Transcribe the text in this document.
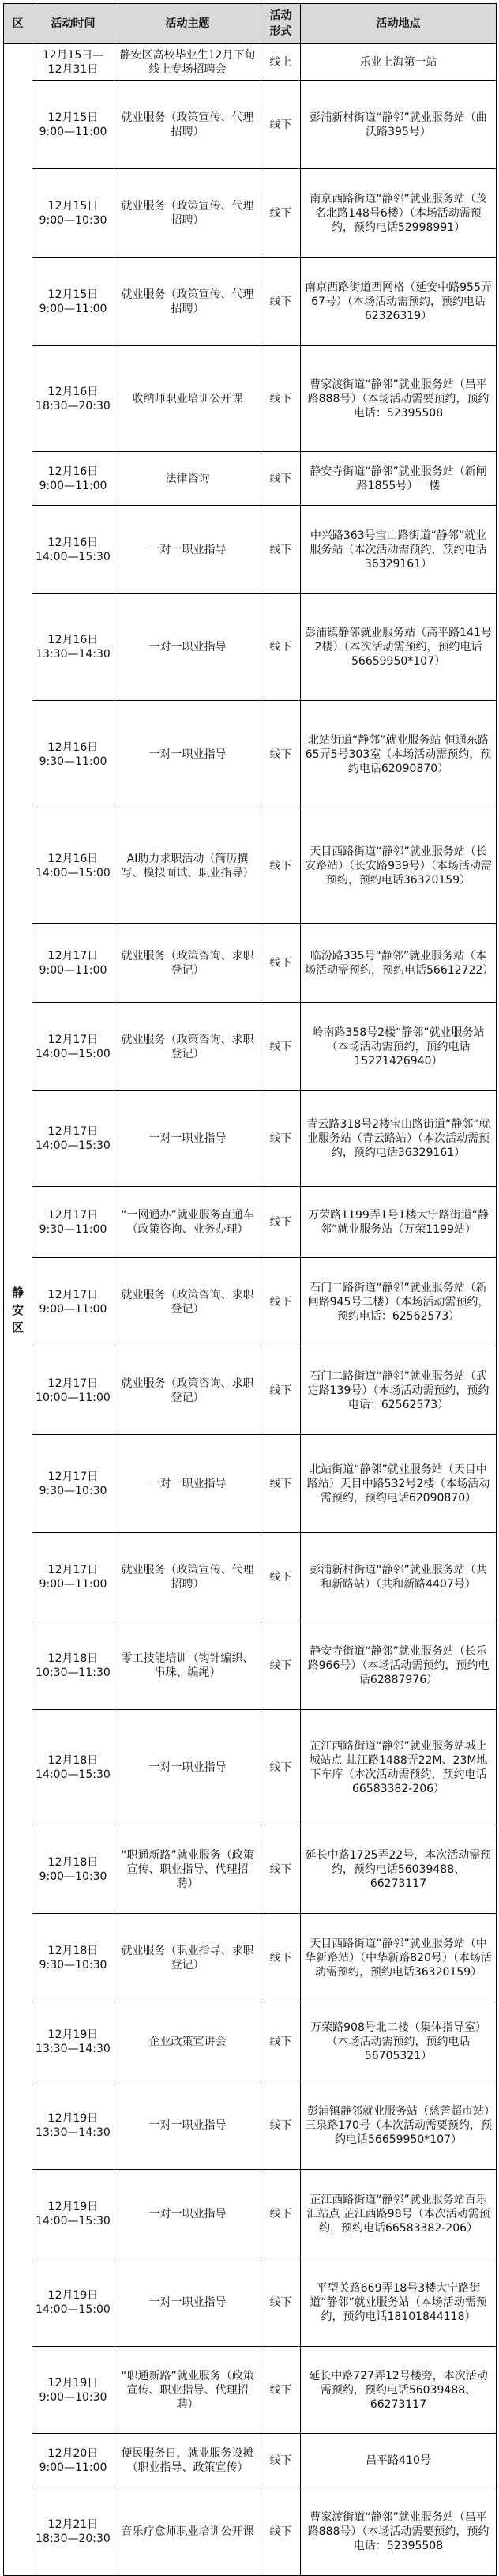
区	活动时间	活动主题	活动形式	活动地点
静安区	12月15日—12月31日	静安区高校毕业生12月下旬线上专场招聘会	线上	乐业上海第一站
	12月15日 9:00—11:00	就业服务（政策宣传、代理招聘）	线下	彭浦新村街道“静邻”就业服务站（曲沃路395号）
	12月15日 9:00—10:30	就业服务（政策宣传、代理招聘）	线下	南京西路街道“静邻”就业服务站（茂名北路148号6楼）（本场活动需预约，预约电话52998991）
	12月15日 9:00—11:00	就业服务（政策宣传、代理招聘）	线下	南京西路街道西网格（延安中路955弄67号）（本场活动需预约，预约电话62326319）
	12月16日 18:30—20:30	收纳师职业培训公开课	线下	曹家渡街道“静邻”就业服务站（昌平路888号）（本场活动需要预约，预约电话：52395508
	12月16日 9:00—11:00	法律咨询	线下	静安寺街道“静邻”就业服务站（新闸路1855号）一楼
	12月16日 14:00—15:30	一对一职业指导	线下	中兴路363号宝山路街道“静邻”就业服务站（本次活动需预约，预约电话36329161）
	12月16日 13:30—14:30	一对一职业指导	线下	彭浦镇静邻就业服务站（高平路141号2楼）（本次活动需预约，预约电话56659950*107）
	12月16日 9:30—11:00	一对一职业指导	线下	北站街道“静邻”就业服务站 恒通东路65弄5号303室（本场活动需预约，预约电话62090870）
	12月16日 14:00—15:00	AI助力求职活动（简历撰写、模拟面试、职业指导）	线下	天目西路街道“静邻”就业服务站（长安路站）（长安路939号）（本场活动需预约，预约电话36320159）
	12月17日 9:00—11:00	就业服务（政策咨询、求职登记）	线下	临汾路335号“静邻”就业服务站（本场活动需预约，预约电话56612722）
	12月17日 14:00—15:00	就业服务（政策咨询、求职登记）	线下	岭南路358号2楼“静邻”就业服务站（本场活动需预约，预约电话15221426940）
	12月17日 14:00—15:30	一对一职业指导	线下	青云路318号2楼宝山路街道“静邻”就业服务站（青云路站）（本次活动需预约，预约电话36329161）
	12月17日 9:30—11:00	“一网通办”就业服务直通车（政策咨询、业务办理）	线下	万荣路1199弄1号1楼大宁路街道“静邻”就业服务站（万荣1199站）
	12月17日 9:00—11:00	就业服务（政策咨询、求职登记）	线下	石门二路街道“静邻”就业服务站（新闸路945号二楼）（本场活动需预约，预约电话：62562573）
	12月17日 10:00—11:00	就业服务（政策咨询、求职登记）	线下	石门二路街道“静邻”就业服务站（武定路139号）（本场活动需预约，预约电话：62562573）
	12月17日 9:30—10:30	一对一职业指导	线下	北站街道“静邻”就业服务站（天目中路站）天目中路532号2楼（本场活动需预约，预约电话62090870）
	12月17日 9:00—11:00	就业服务（政策宣传、代理招聘）	线下	彭浦新村街道“静邻”就业服务站（共和新路站）（共和新路4407号）
	12月18日 10:30—11:30	零工技能培训（钩针编织、串珠、编绳）	线下	静安寺街道“静邻”就业服务站（长乐路966号）（本场活动需预约，预约电话62887976）
	12月18日 14:00—15:30	一对一职业指导	线下	芷江西路街道“静邻”就业服务站城上城站点 虬江路1488弄22M、23M地下车库（本次活动需预约，预约电话66583382-206）
	12月18日 9:00—10:30	“职通新路”就业服务（政策宣传、职业指导、代理招聘）	线下	延长中路1725弄22号，本次活动需预约，预约电话56039488、66273117
	12月18日 9:30—10:30	就业服务（职业指导、求职登记）	线下	天目西路街道“静邻”就业服务站（中华新路站）（中华新路820号）（本场活动需预约，预约电话36320159）
	12月19日 13:30—14:30	企业政策宣讲会	线下	万荣路908号北二楼（集体指导室）（本场活动需预约，预约电话56705321）
	12月19日 13:30—14:30	一对一职业指导	线下	彭浦镇静邻就业服务站（慈善超市站）三泉路170号（本次活动需要预约，预约电话56659950*107）
	12月19日 14:00—15:30	一对一职业指导	线下	芷江西路街道“静邻”就业服务站百乐汇站点 芷江西路98号（本次活动需预约，预约电话66583382-206）
	12月19日 14:00—15:00	一对一职业指导	线下	平型关路669弄18号3楼大宁路街道“静邻”就业服务站（本场活动需预约，预约电话18101844118）
	12月19日 9:00—10:30	“职通新路”就业服务（政策宣传、职业指导、代理招聘）	线下	延长中路727弄12号楼旁，本次活动需预约，预约电话56039488、66273117
	12月20日 9:00—11:00	便民服务日，就业服务设摊（职业指导、政策宣传）	线下	昌平路410号
	12月21日 18:30—20:30	音乐疗愈师职业培训公开课	线下	曹家渡街道“静邻”就业服务站（昌平路888号）（本场活动需要预约，预约电话：52395508
